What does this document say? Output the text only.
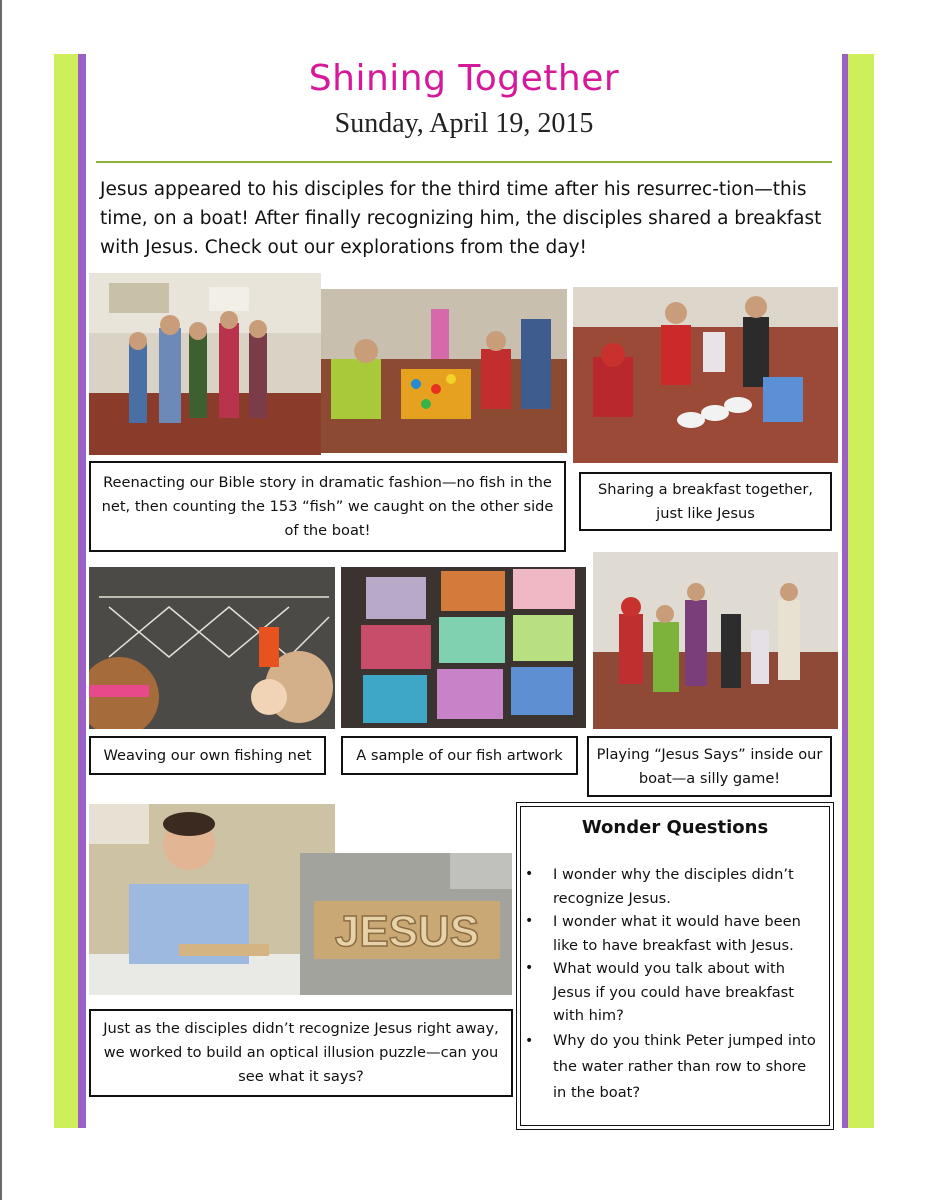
Shining Together
Sunday, April 19, 2015
Jesus appeared to his disciples for the third time after his resurrec-tion—this time, on a boat! After finally recognizing him, the disciples shared a breakfast with Jesus. Check out our explorations from the day!
Reenacting our Bible story in dramatic fashion—no fish in the net, then counting the 153 “fish” we caught on the other side of the boat!
Sharing a breakfast together, just like Jesus
Weaving our own fishing net	A sample of our fish artwork	Playing “Jesus Says” inside our boat—a silly game!
JESUS
Just as the disciples didn’t recognize Jesus right away, we worked to build an optical illusion puzzle—can you see what it says?
Wonder Questions
• I wonder why the disciples didn’t recognize Jesus.
• I wonder what it would have been like to have breakfast with Jesus.
• What would you talk about with Jesus if you could have breakfast with him?
• Why do you think Peter jumped into the water rather than row to shore in the boat?
